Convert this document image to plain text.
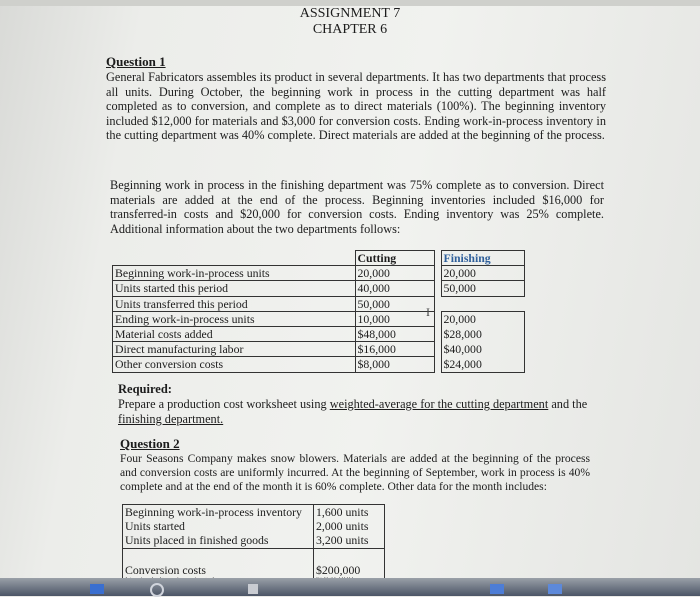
ASSIGNMENT 7
CHAPTER 6
Question 1
General Fabricators assembles its product in several departments. It has two departments that process all units. During October, the beginning work in process in the cutting department was half completed as to conversion, and complete as to direct materials (100%). The beginning inventory included $12,000 for materials and $3,000 for conversion costs. Ending work-in-process inventory in the cutting department was 40% complete. Direct materials are added at the beginning of the process.
Beginning work in process in the finishing department was 75% complete as to conversion. Direct materials are added at the end of the process. Beginning inventories included $16,000 for transferred-in costs and $20,000 for conversion costs. Ending inventory was 25% complete. Additional information about the two departments follows:
	Cutting		Finishing
Beginning work-in-process units	20,000		20,000
Units started this period	40,000		50,000
Units transferred this period	50,000		
Ending work-in-process units	10,000		20,000
Material costs added	$48,000		$28,000
Direct manufacturing labor	$16,000		$40,000
Other conversion costs	$8,000		$24,000
I
Required:
Prepare a production cost worksheet using weighted-average for the cutting department and the finishing department.
Question 2
Four Seasons Company makes snow blowers. Materials are added at the beginning of the process and conversion costs are uniformly incurred. At the beginning of September, work in process is 40% complete and at the end of the month it is 60% complete. Other data for the month includes:
Beginning work-in-process inventory	1,600 units
Units started	2,000 units
Units placed in finished goods	3,200 units

Conversion costs	$200,000
